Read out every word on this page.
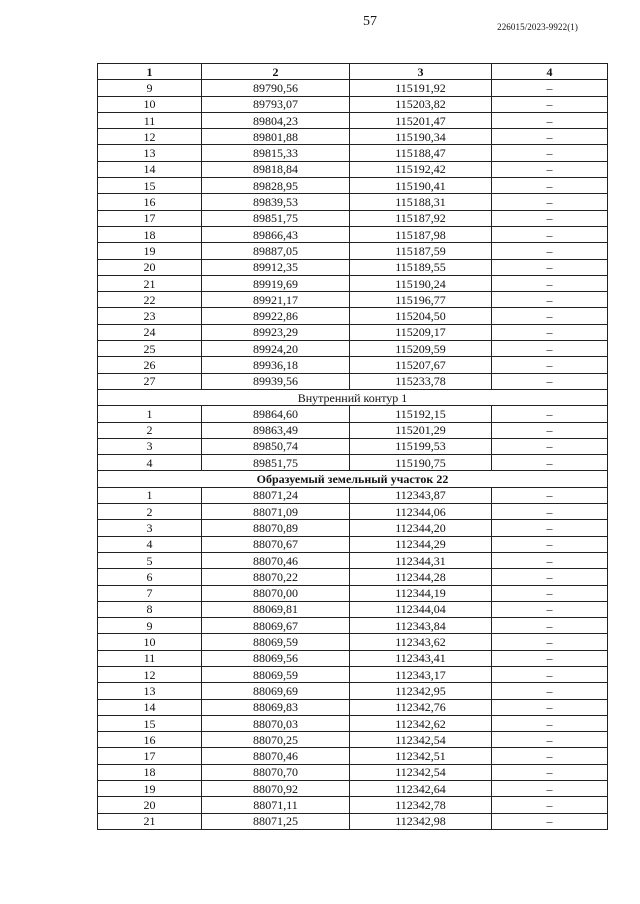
57	226015/2023-9922(1)
1	2	3	4
9	89790,56	115191,92	–
10	89793,07	115203,82	–
11	89804,23	115201,47	–
12	89801,88	115190,34	–
13	89815,33	115188,47	–
14	89818,84	115192,42	–
15	89828,95	115190,41	–
16	89839,53	115188,31	–
17	89851,75	115187,92	–
18	89866,43	115187,98	–
19	89887,05	115187,59	–
20	89912,35	115189,55	–
21	89919,69	115190,24	–
22	89921,17	115196,77	–
23	89922,86	115204,50	–
24	89923,29	115209,17	–
25	89924,20	115209,59	–
26	89936,18	115207,67	–
27	89939,56	115233,78	–
Внутренний контур 1			
1	89864,60	115192,15	–
2	89863,49	115201,29	–
3	89850,74	115199,53	–
4	89851,75	115190,75	–
Образуемый земельный участок 22			
1	88071,24	112343,87	–
2	88071,09	112344,06	–
3	88070,89	112344,20	–
4	88070,67	112344,29	–
5	88070,46	112344,31	–
6	88070,22	112344,28	–
7	88070,00	112344,19	–
8	88069,81	112344,04	–
9	88069,67	112343,84	–
10	88069,59	112343,62	–
11	88069,56	112343,41	–
12	88069,59	112343,17	–
13	88069,69	112342,95	–
14	88069,83	112342,76	–
15	88070,03	112342,62	–
16	88070,25	112342,54	–
17	88070,46	112342,51	–
18	88070,70	112342,54	–
19	88070,92	112342,64	–
20	88071,11	112342,78	–
21	88071,25	112342,98	–
